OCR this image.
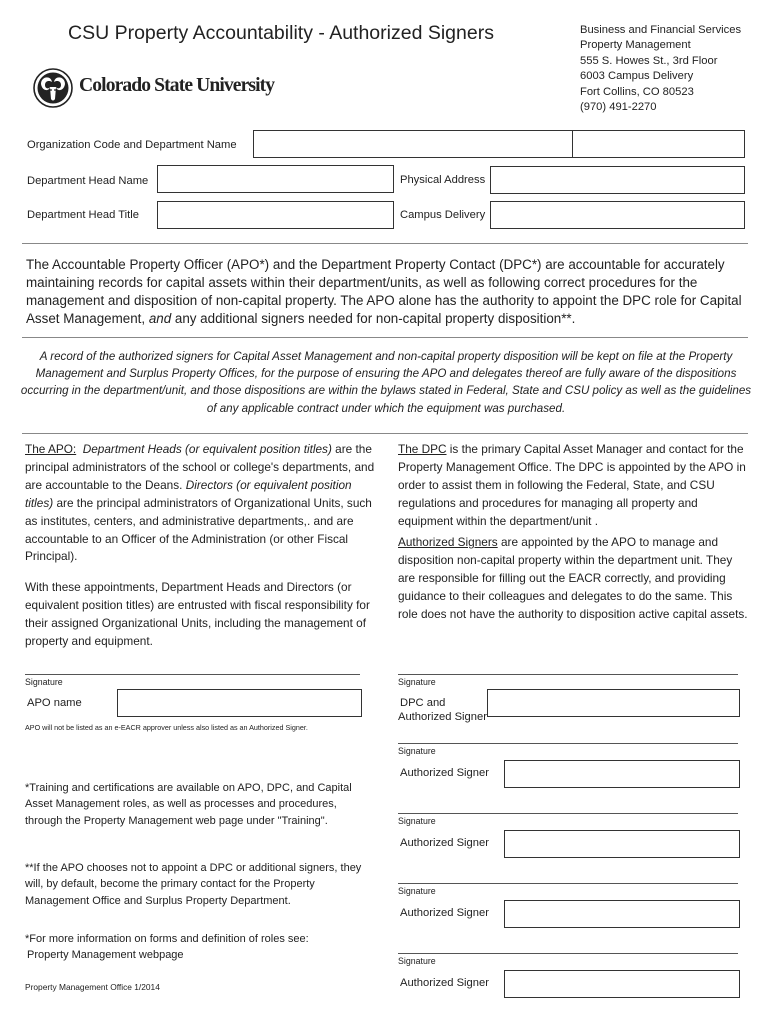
CSU Property Accountability - Authorized Signers	Business and Financial Services
Property Management
555 S. Howes St., 3rd Floor
6003 Campus Delivery
Fort Collins, CO 80523
(970) 491-2270
Colorado State University
Organization Code and Department Name
Department Head Name	Physical Address
Department Head Title	Campus Delivery
The Accountable Property Officer (APO*) and the Department Property Contact (DPC*) are accountable for accurately maintaining records for capital assets within their department/units, as well as following correct procedures for the management and disposition of non-capital property. The APO alone has the authority to appoint the DPC role for Capital Asset Management, and any additional signers needed for non-capital property disposition**.
A record of the authorized signers for Capital Asset Management and non-capital property disposition will be kept on file at the Property Management and Surplus Property Offices, for the purpose of ensuring the APO and delegates thereof are fully aware of the dispositions occurring in the department/unit, and those dispositions are within the bylaws stated in Federal, State and CSU policy as well as the guidelines of any applicable contract under which the equipment was purchased.
The APO: Department Heads (or equivalent position titles) are the principal administrators of the school or college's departments, and are accountable to the Deans. Directors (or equivalent position titles) are the principal administrators of Organizational Units, such as institutes, centers, and administrative departments,. and are accountable to an Officer of the Administration (or other Fiscal Principal).
With these appointments, Department Heads and Directors (or equivalent position titles) are entrusted with fiscal responsibility for their assigned Organizational Units, including the management of property and equipment.
The DPC is the primary Capital Asset Manager and contact for the Property Management Office. The DPC is appointed by the APO in order to assist them in following the Federal, State, and CSU regulations and procedures for managing all property and equipment within the department/unit .
Authorized Signers are appointed by the APO to manage and disposition non-capital property within the department unit. They are responsible for filling out the EACR correctly, and providing guidance to their colleagues and delegates to do the same. This role does not have the authority to disposition active capital assets.
Signature
APO name
APO will not be listed as an e-EACR approver unless also listed as an Authorized Signer.
Signature
DPC and
Authorized Signer
Signature
Authorized Signer
Signature
Authorized Signer
Signature
Authorized Signer
Signature
Authorized Signer
*Training and certifications are available on APO, DPC, and Capital Asset Management roles, as well as processes and procedures, through the Property Management web page under "Training".
**If the APO chooses not to appoint a DPC or additional signers, they will, by default, become the primary contact for the Property Management Office and Surplus Property Department.
*For more information on forms and definition of roles see:
Property Management webpage
Property Management Office 1/2014
